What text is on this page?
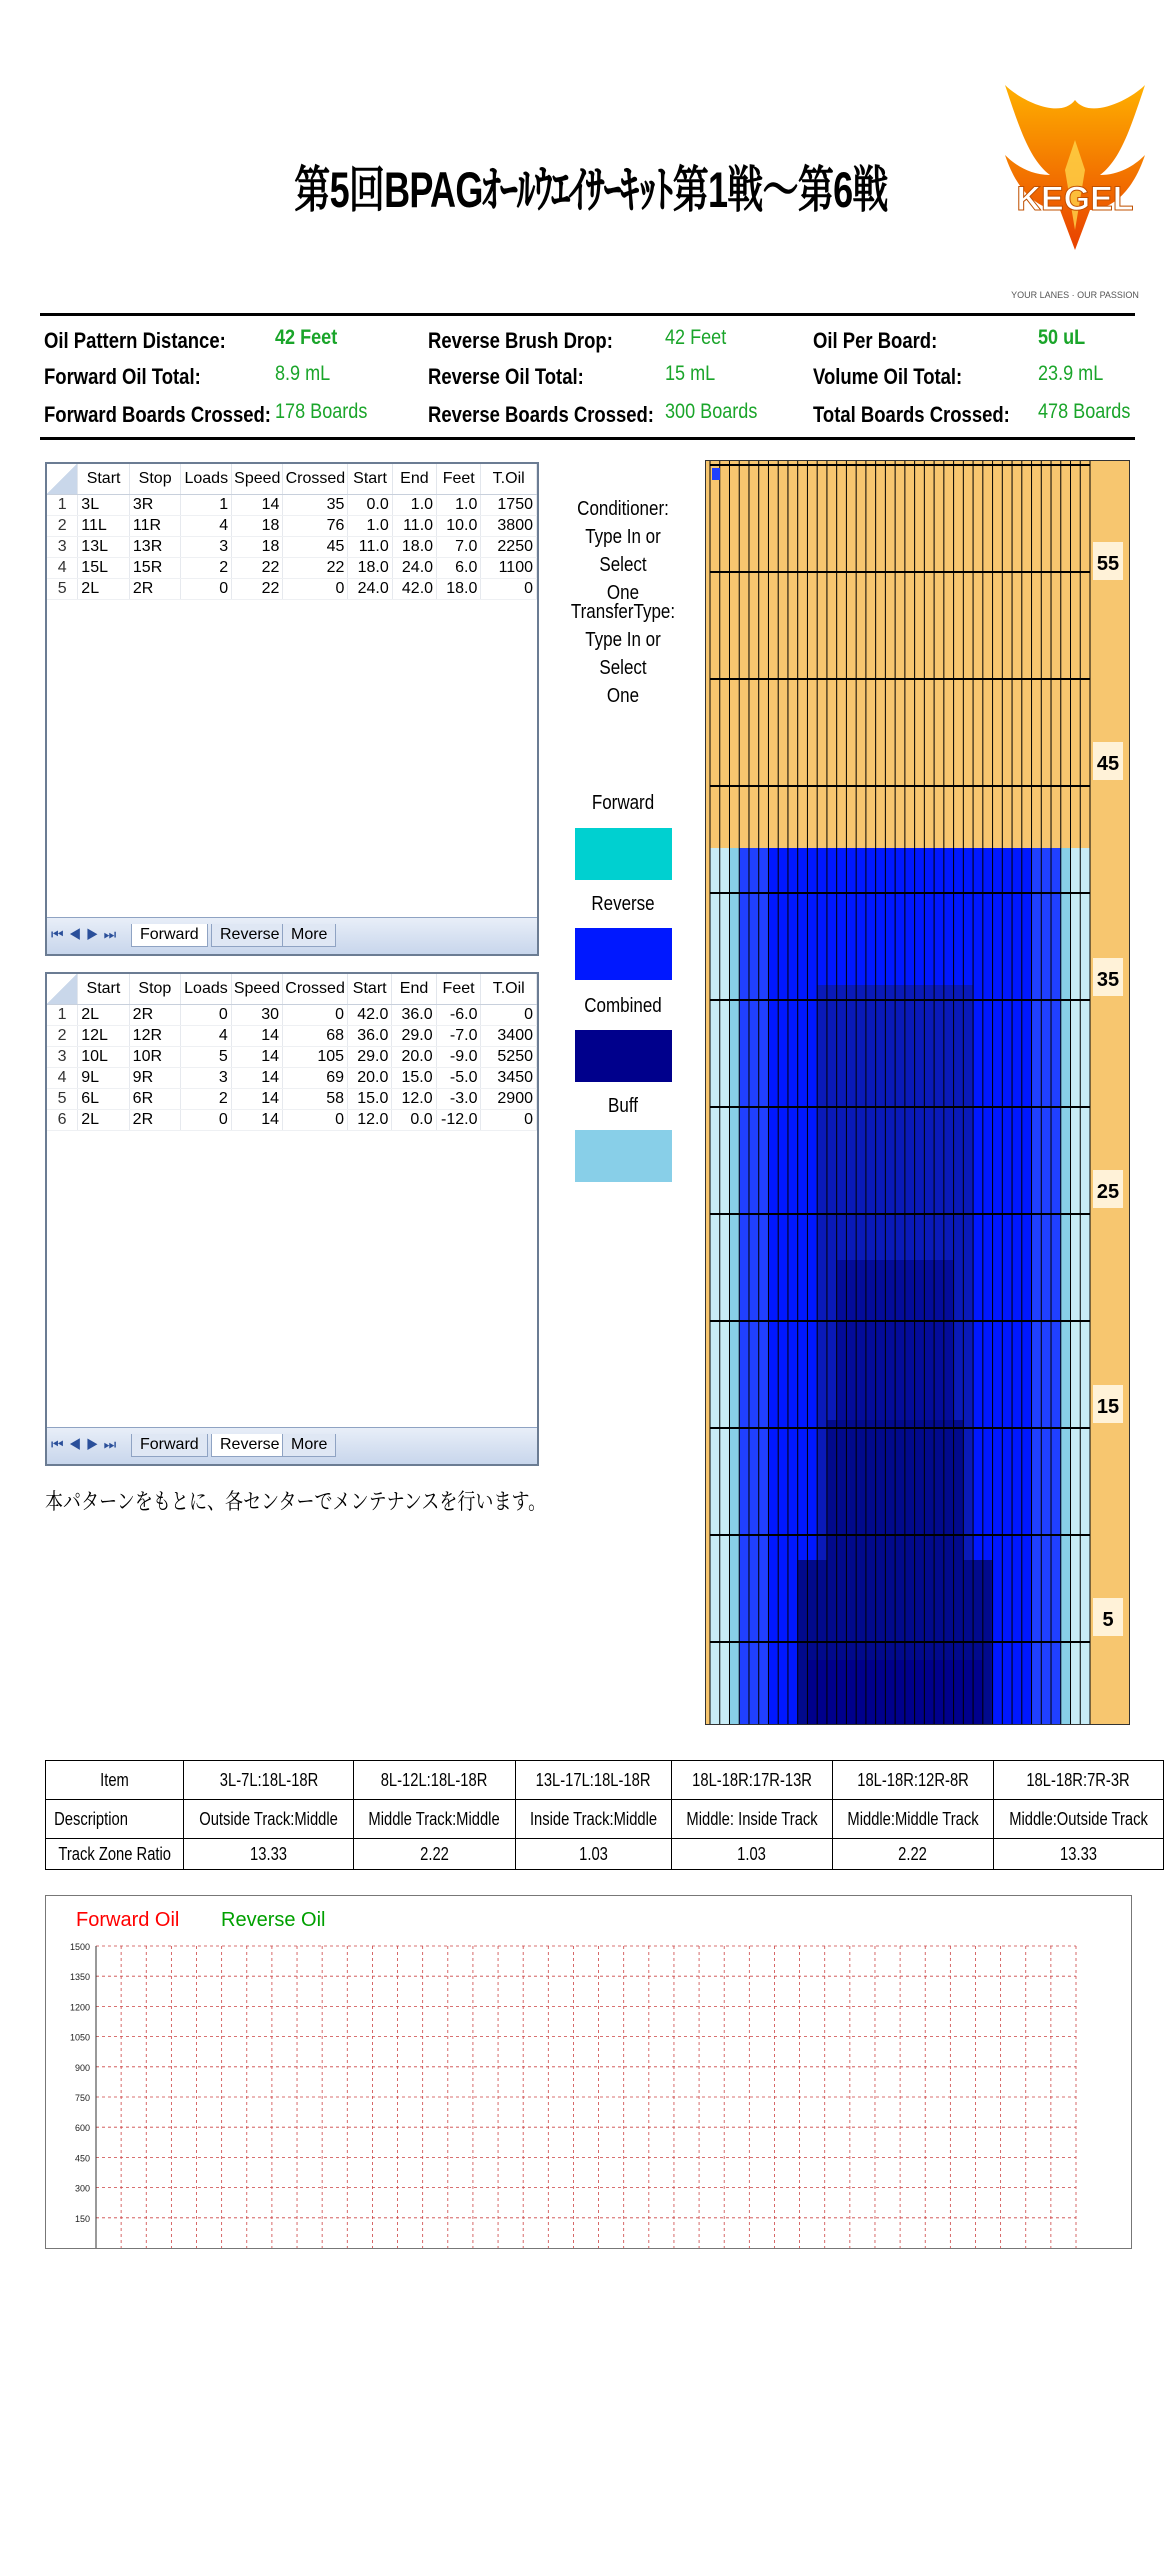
第5回BPAGｵｰﾙｳｴｲｻｰｷｯﾄ第1戦～第6戦	KEGEL
YOUR LANES · OUR PASSION
Oil Pattern Distance: 42 Feet	Reverse Brush Drop: 42 Feet	Oil Per Board:	50 uL
Forward Oil Total:	8.9 mL	Reverse Oil Total:	15 mL	Volume Oil Total:	23.9 mL
Forward Boards Crossed: 178 Boards	Reverse Boards Crossed: 300 Boards	Total Boards Crossed: 478 Boards
	Start	Stop	Loads	Speed	Crossed	Start	End	Feet	T.Oil
1	3L	3R	1	14	35	0.0	1.0	1.0	1750
2	11L	11R	4	18	76	1.0	11.0	10.0	3800
3	13L	13R	3	18	45	11.0	18.0	7.0	2250
4	15L	15R	2	22	22	18.0	24.0	6.0	1100
5	2L	2R	0	22	0	24.0	42.0	18.0	0
⏮◀▶⏭	Forward	Reverse More
	Start	Stop	Loads	Speed	Crossed	Start	End	Feet	T.Oil
1	2L	2R	0	30	0	42.0	36.0	-6.0	0
2	12L	12R	4	14	68	36.0	29.0	-7.0	3400
3	10L	10R	5	14	105	29.0	20.0	-9.0	5250
4	9L	9R	3	14	69	20.0	15.0	-5.0	3450
5	6L	6R	2	14	58	15.0	12.0	-3.0	2900
6	2L	2R	0	14	0	12.0	0.0	-12.0	0
⏮◀▶⏭	Forward	Reverse More
Conditioner:
Type In or Select
One
TransferType:
Type In or Select
One
Forward
Reverse
Combined
Buff
55
45
35
25
15
5
本パターンをもとに、各センターでメンテナンスを行います。
Item	3L-7L:18L-18R	8L-12L:18L-18R	13L-17L:18L-18R	18L-18R:17R-13R	18L-18R:12R-8R	18L-18R:7R-3R
Description	Outside Track:Middle	Middle Track:Middle	Inside Track:Middle	Middle: Inside Track	Middle:Middle Track	Middle:Outside Track
Track Zone Ratio	13.33	2.22	1.03	1.03	2.22	13.33
Forward Oil Reverse Oil
150
300
450
600
750
900
1050
1200
1350
1500
